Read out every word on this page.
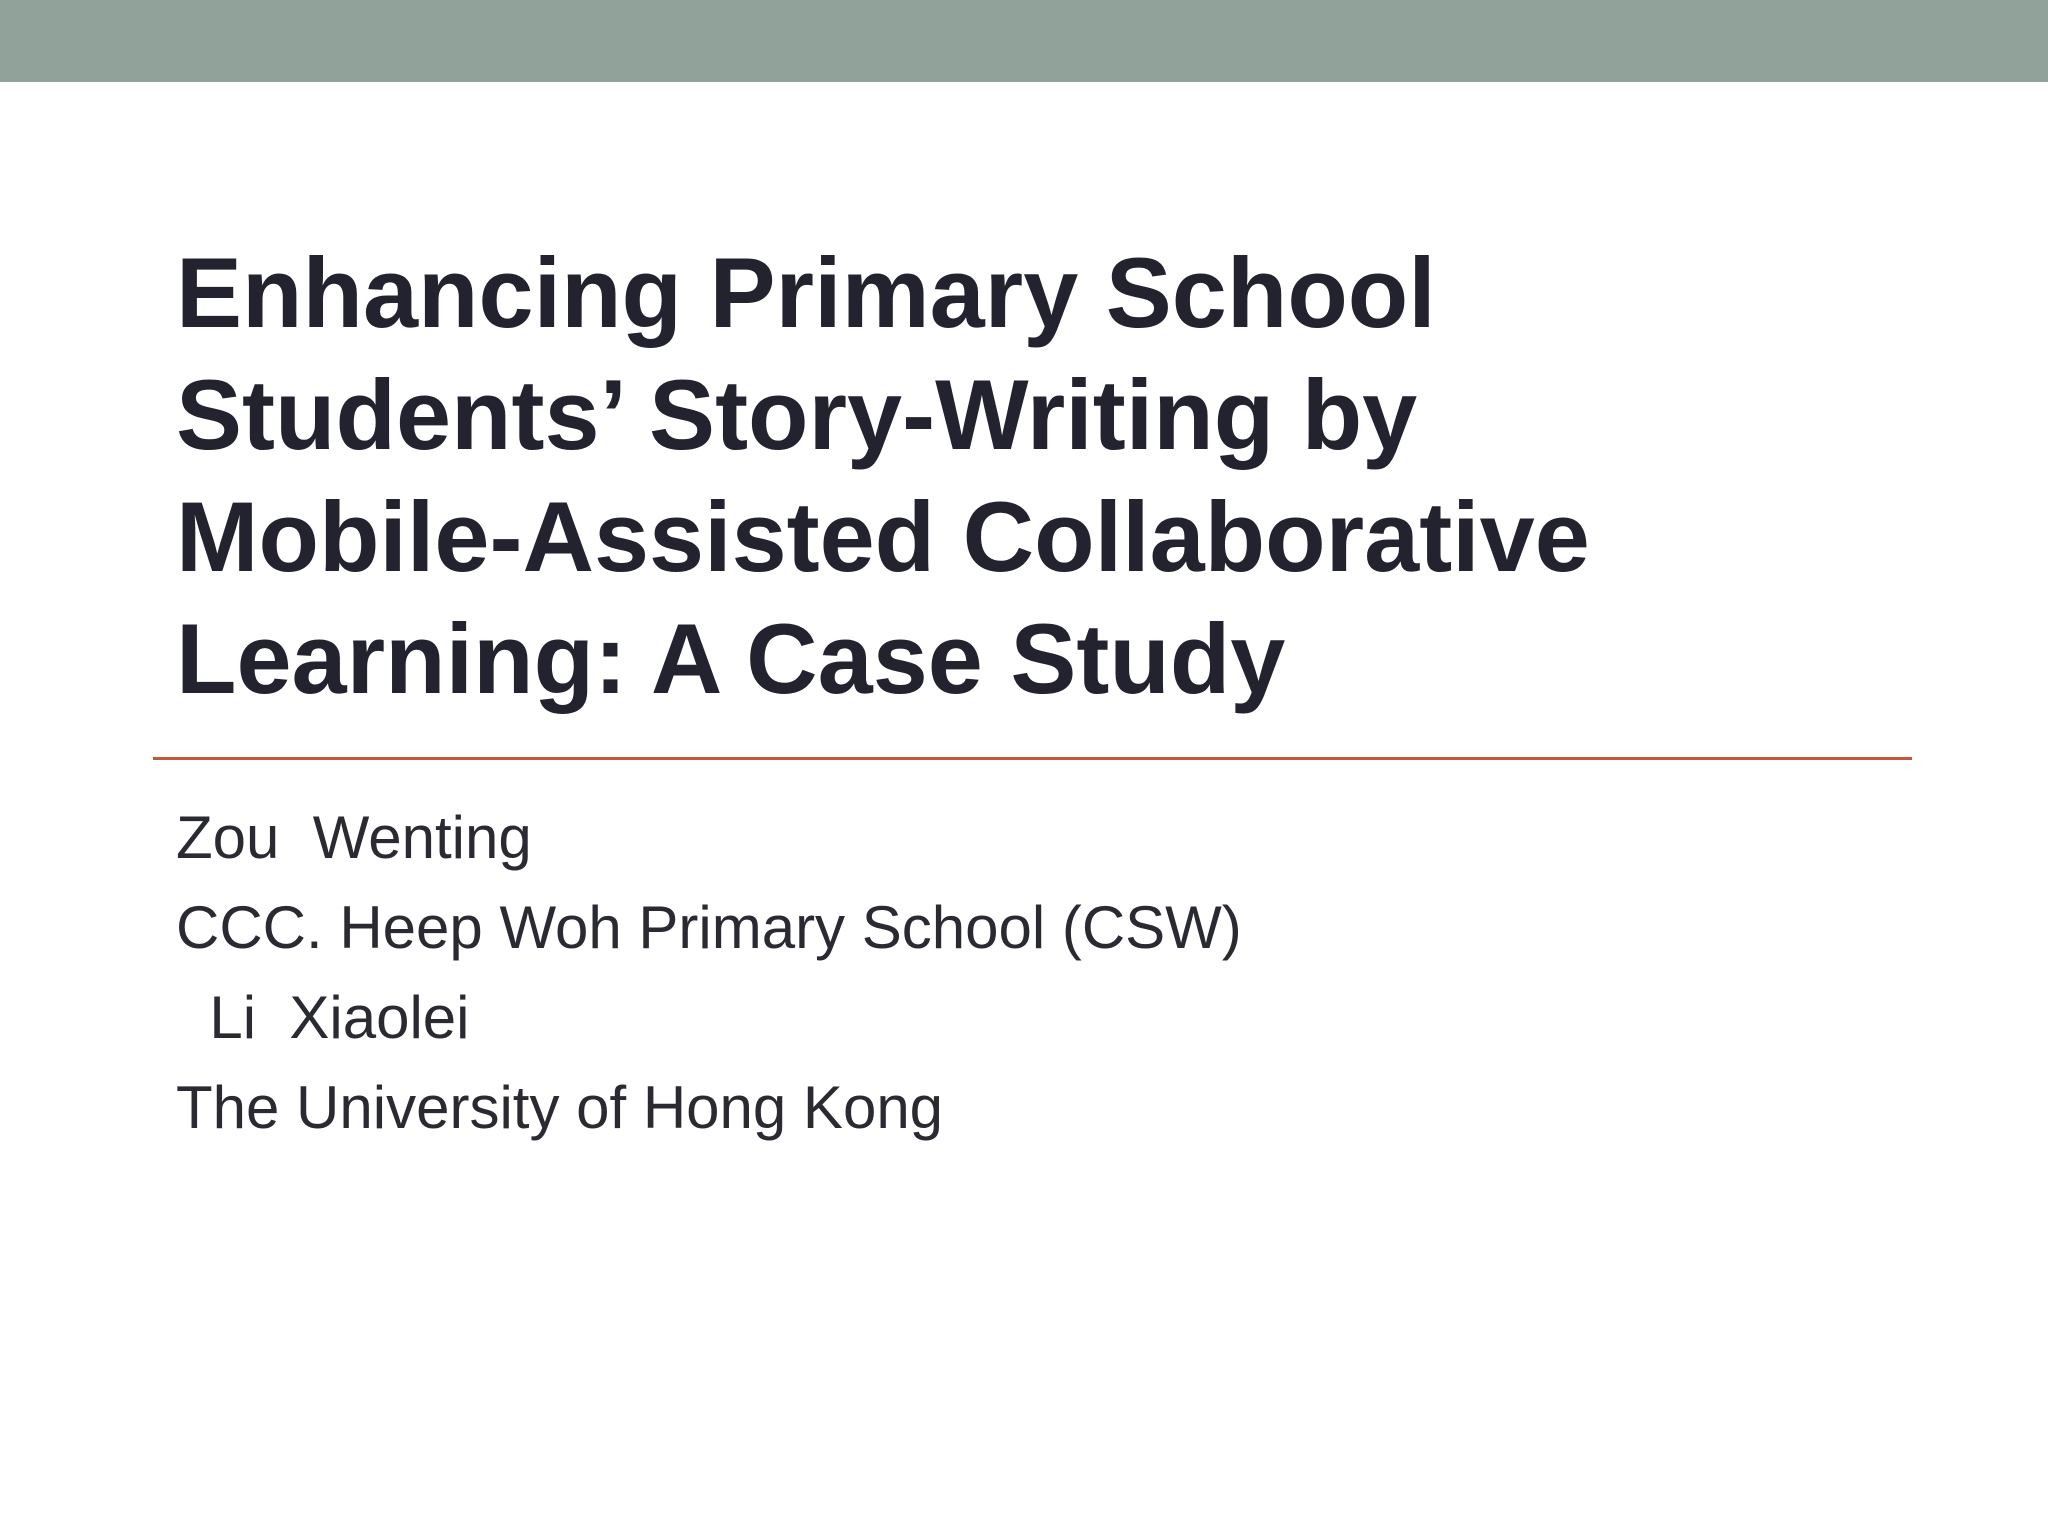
Enhancing Primary School
Students’ Story-Writing by
Mobile-Assisted Collaborative
Learning: A Case Study
Zou  Wenting
CCC. Heep Woh Primary School (CSW)
Li  Xiaolei
The University of Hong Kong
